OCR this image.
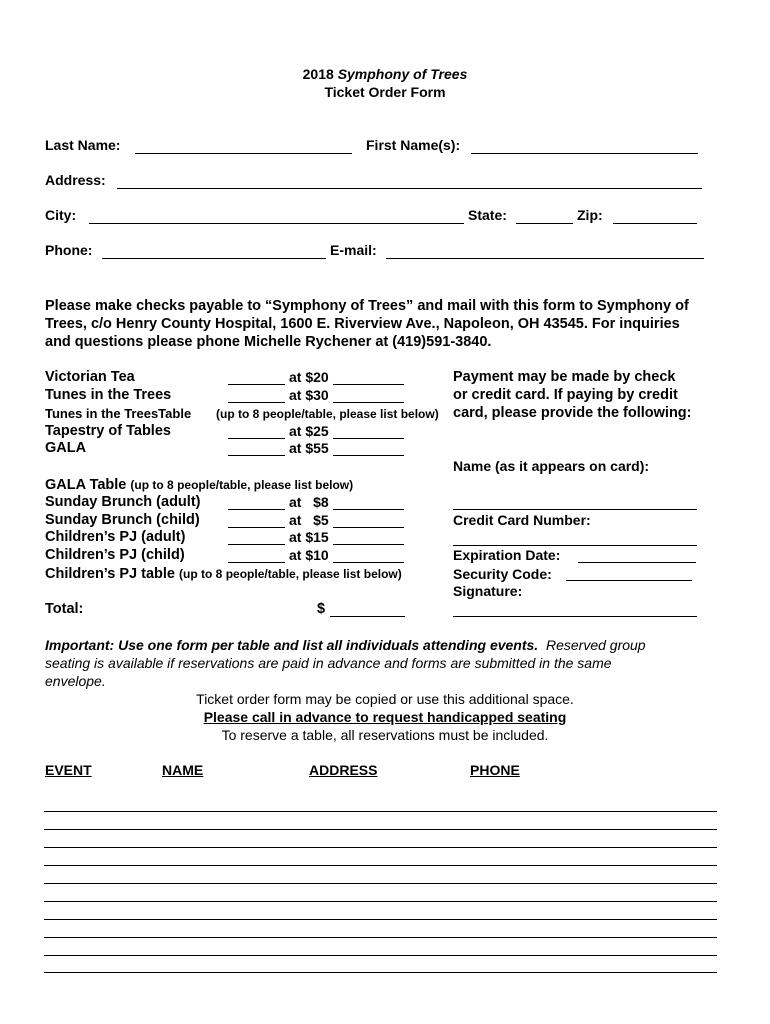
2018 Symphony of Trees
Ticket Order Form
Last Name:	First Name(s):
Address:
City:	State:	Zip:
Phone:	E-mail:
Please make checks payable to “Symphony of Trees” and mail with this form to Symphony of
Trees, c/o Henry County Hospital, 1600 E. Riverview Ave., Napoleon, OH 43545. For inquiries
and questions please phone Michelle Rychener at (419)591-3840.
Victorian Tea	at $20
Tunes in the Trees	at $30
Tunes in the TreesTable (up to 8 people/table, please list below)
Tapestry of Tables	at $25
GALA	at $55
GALA Table (up to 8 people/table, please list below)
Sunday Brunch (adult)	at   $8
Sunday Brunch (child)	at   $5
Children’s PJ (adult)	at $15
Children’s PJ (child)	at $10
Children’s PJ table (up to 8 people/table, please list below)
Total:	$
Payment may be made by check
or credit card. If paying by credit
card, please provide the following:
Name (as it appears on card):
Credit Card Number:
Expiration Date:
Security Code:
Signature:
Important: Use one form per table and list all individuals attending events.  Reserved group
seating is available if reservations are paid in advance and forms are submitted in the same
envelope.
Ticket order form may be copied or use this additional space.
Please call in advance to request handicapped seating
To reserve a table, all reservations must be included.
EVENT	NAME	ADDRESS	PHONE
